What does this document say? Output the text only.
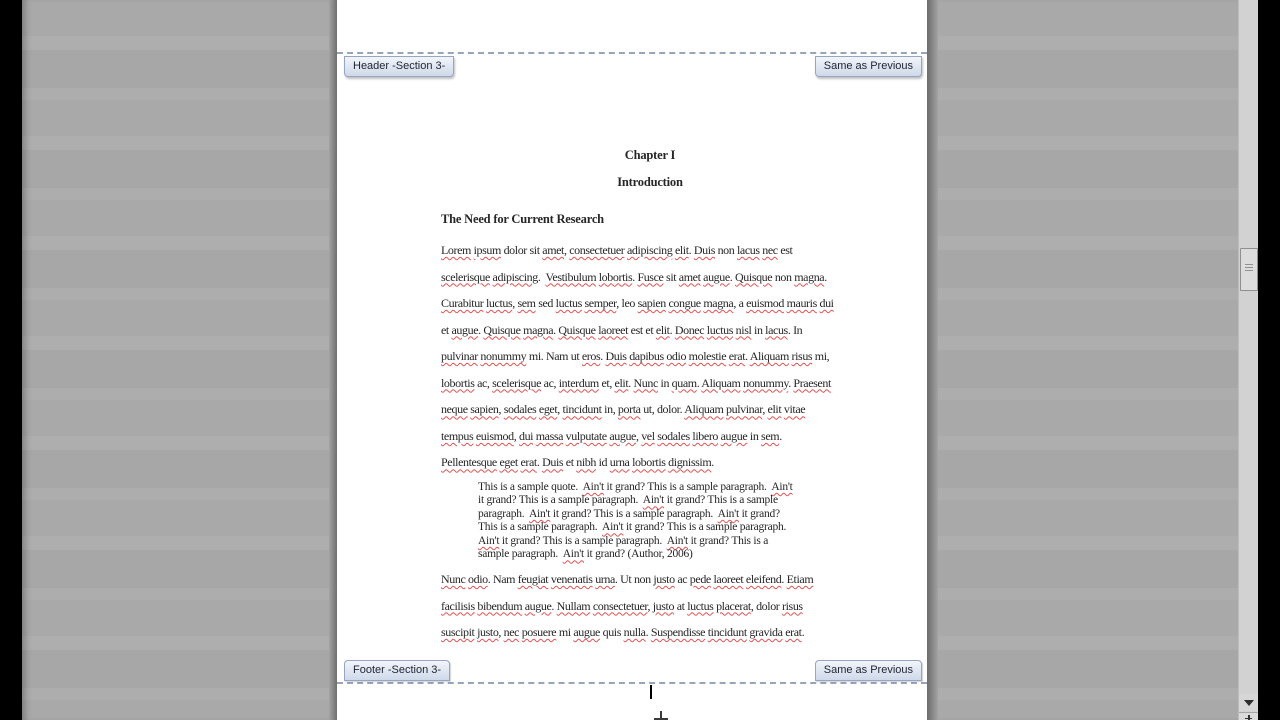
Header -Section 3-	Same as Previous
Footer -Section 3-	Same as Previous
Chapter I
Introduction
The Need for Current Research
Lorem ipsum dolor sit amet, consectetuer adipiscing elit. Duis non lacus nec est
scelerisque adipiscing. Vestibulum lobortis. Fusce sit amet augue. Quisque non magna.
Curabitur luctus, sem sed luctus semper, leo sapien congue magna, a euismod mauris dui
et augue. Quisque magna. Quisque laoreet est et elit. Donec luctus nisl in lacus. In
pulvinar nonummy mi. Nam ut eros. Duis dapibus odio molestie erat. Aliquam risus mi,
lobortis ac, scelerisque ac, interdum et, elit. Nunc in quam. Aliquam nonummy. Praesent
neque sapien, sodales eget, tincidunt in, porta ut, dolor. Aliquam pulvinar, elit vitae
tempus euismod, dui massa vulputate augue, vel sodales libero augue in sem.
Pellentesque eget erat. Duis et nibh id urna lobortis dignissim.
This is a sample quote. Ain't it grand? This is a sample paragraph. Ain't
it grand? This is a sample paragraph. Ain't it grand? This is a sample
paragraph. Ain't it grand? This is a sample paragraph. Ain't it grand?
This is a sample paragraph. Ain't it grand? This is a sample paragraph.
Ain't it grand? This is a sample paragraph. Ain't it grand? This is a
sample paragraph. Ain't it grand? (Author, 2006)
Nunc odio. Nam feugiat venenatis urna. Ut non justo ac pede laoreet eleifend. Etiam
facilisis bibendum augue. Nullam consectetuer, justo at luctus placerat, dolor risus
suscipit justo, nec posuere mi augue quis nulla. Suspendisse tincidunt gravida erat.
